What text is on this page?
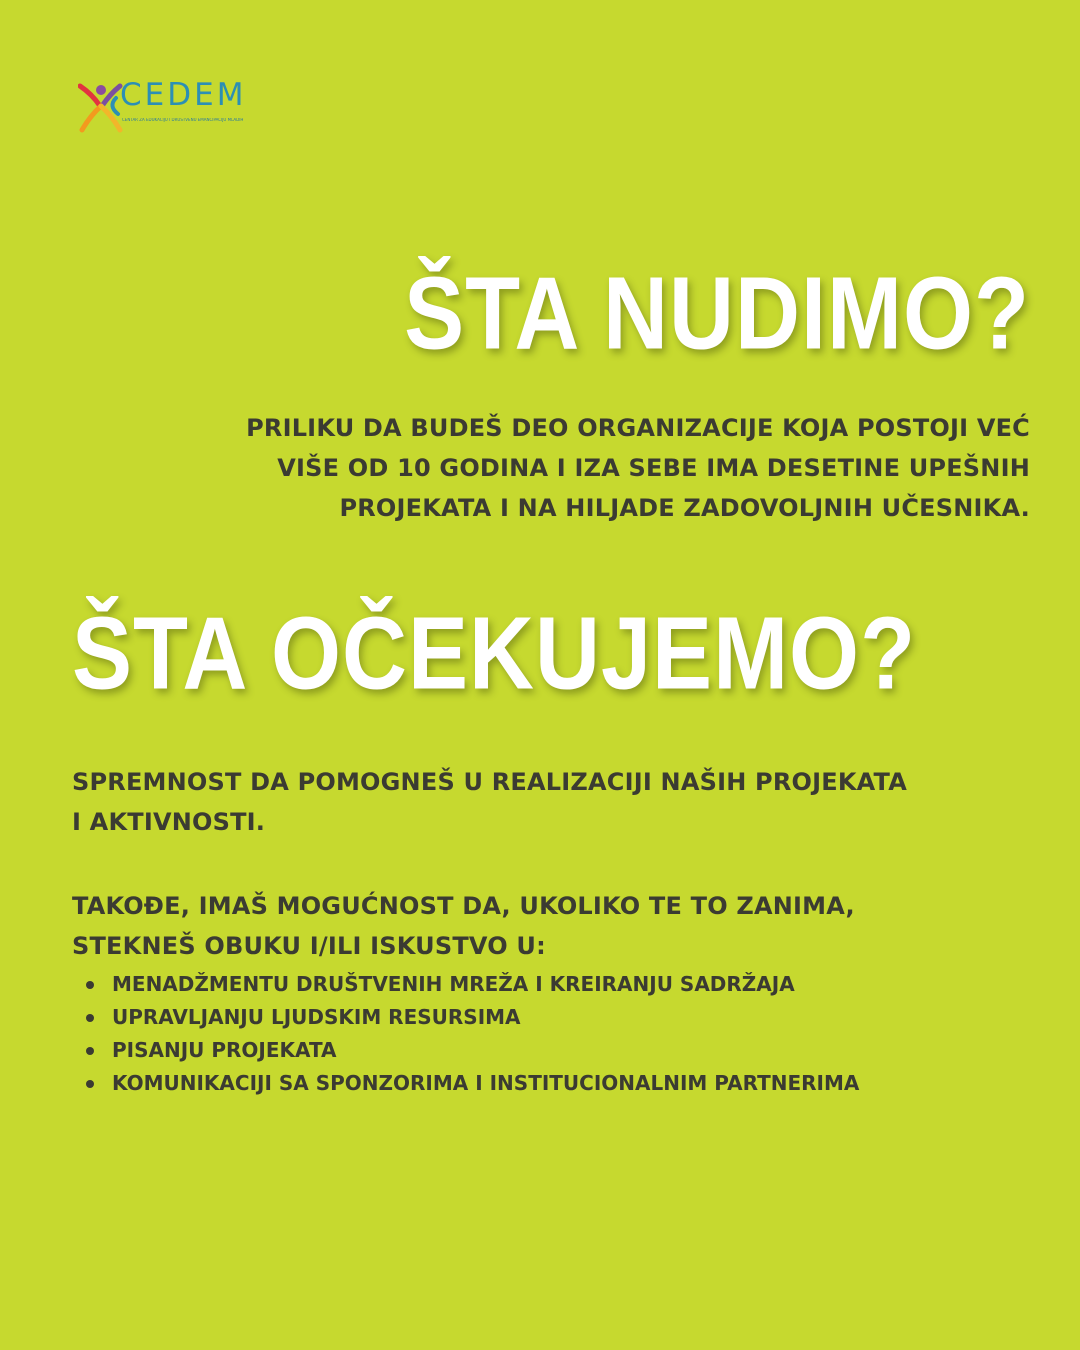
CEDEM
CENTAR ZA EDUKACIJU I DRUŠTVENU EMANCIPACIJU MLADIH
ŠTA NUDIMO?
PRILIKU DA BUDEŠ DEO ORGANIZACIJE KOJA POSTOJI VEĆ
VIŠE OD 10 GODINA I IZA SEBE IMA DESETINE UPEŠNIH
PROJEKATA I NA HILJADE ZADOVOLJNIH UČESNIKA.
ŠTA OČEKUJEMO?
SPREMNOST DA POMOGNEŠ U REALIZACIJI NAŠIH PROJEKATA
I AKTIVNOSTI.
TAKOĐE, IMAŠ MOGUĆNOST DA, UKOLIKO TE TO ZANIMA,
STEKNEŠ OBUKU I/ILI ISKUSTVO U:
MENADŽMENTU DRUŠTVENIH MREŽA I KREIRANJU SADRŽAJA
UPRAVLJANJU LJUDSKIM RESURSIMA
PISANJU PROJEKATA
KOMUNIKACIJI SA SPONZORIMA I INSTITUCIONALNIM PARTNERIMA
